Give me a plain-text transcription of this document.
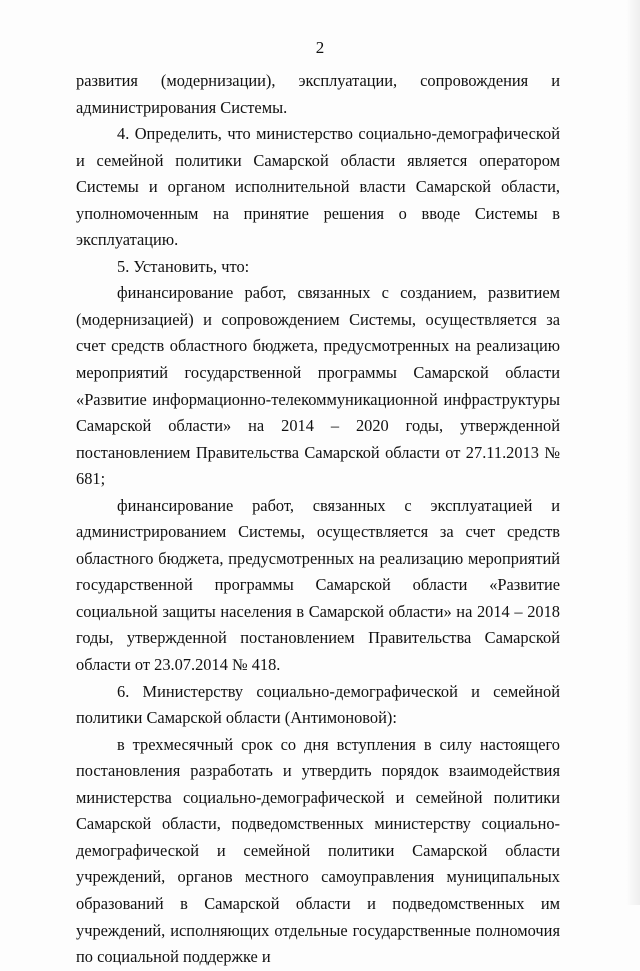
2

развития (модернизации), эксплуатации, сопровождения и администрирования Системы.

4. Определить, что министерство социально-демографической и семейной политики Самарской области является оператором Системы и органом исполнительной власти Самарской области, уполномоченным на принятие решения о вводе Системы в эксплуатацию.

5. Установить, что:

финансирование работ, связанных с созданием, развитием (модернизацией) и сопровождением Системы, осуществляется за счет средств областного бюджета, предусмотренных на реализацию мероприятий государственной программы Самарской области «Развитие информационно-телекоммуникационной инфраструктуры Самарской области» на 2014 – 2020 годы, утвержденной постановлением Правительства Самарской области от 27.11.2013 № 681;

финансирование работ, связанных с эксплуатацией и администрированием Системы, осуществляется за счет средств областного бюджета, предусмотренных на реализацию мероприятий государственной программы Самарской области «Развитие социальной защиты населения в Самарской области» на 2014 – 2018 годы, утвержденной постановлением Правительства Самарской области от 23.07.2014 № 418.

6. Министерству социально-демографической и семейной политики Самарской области (Антимоновой):

в трехмесячный срок со дня вступления в силу настоящего постановления разработать и утвердить порядок взаимодействия министерства социально-демографической и семейной политики Самарской области, подведомственных министерству социально-демографической и семейной политики Самарской области учреждений, органов местного самоуправления муниципальных образований в Самарской области и подведомственных им учреждений, исполняющих отдельные государственные полномочия по социальной поддержке и
